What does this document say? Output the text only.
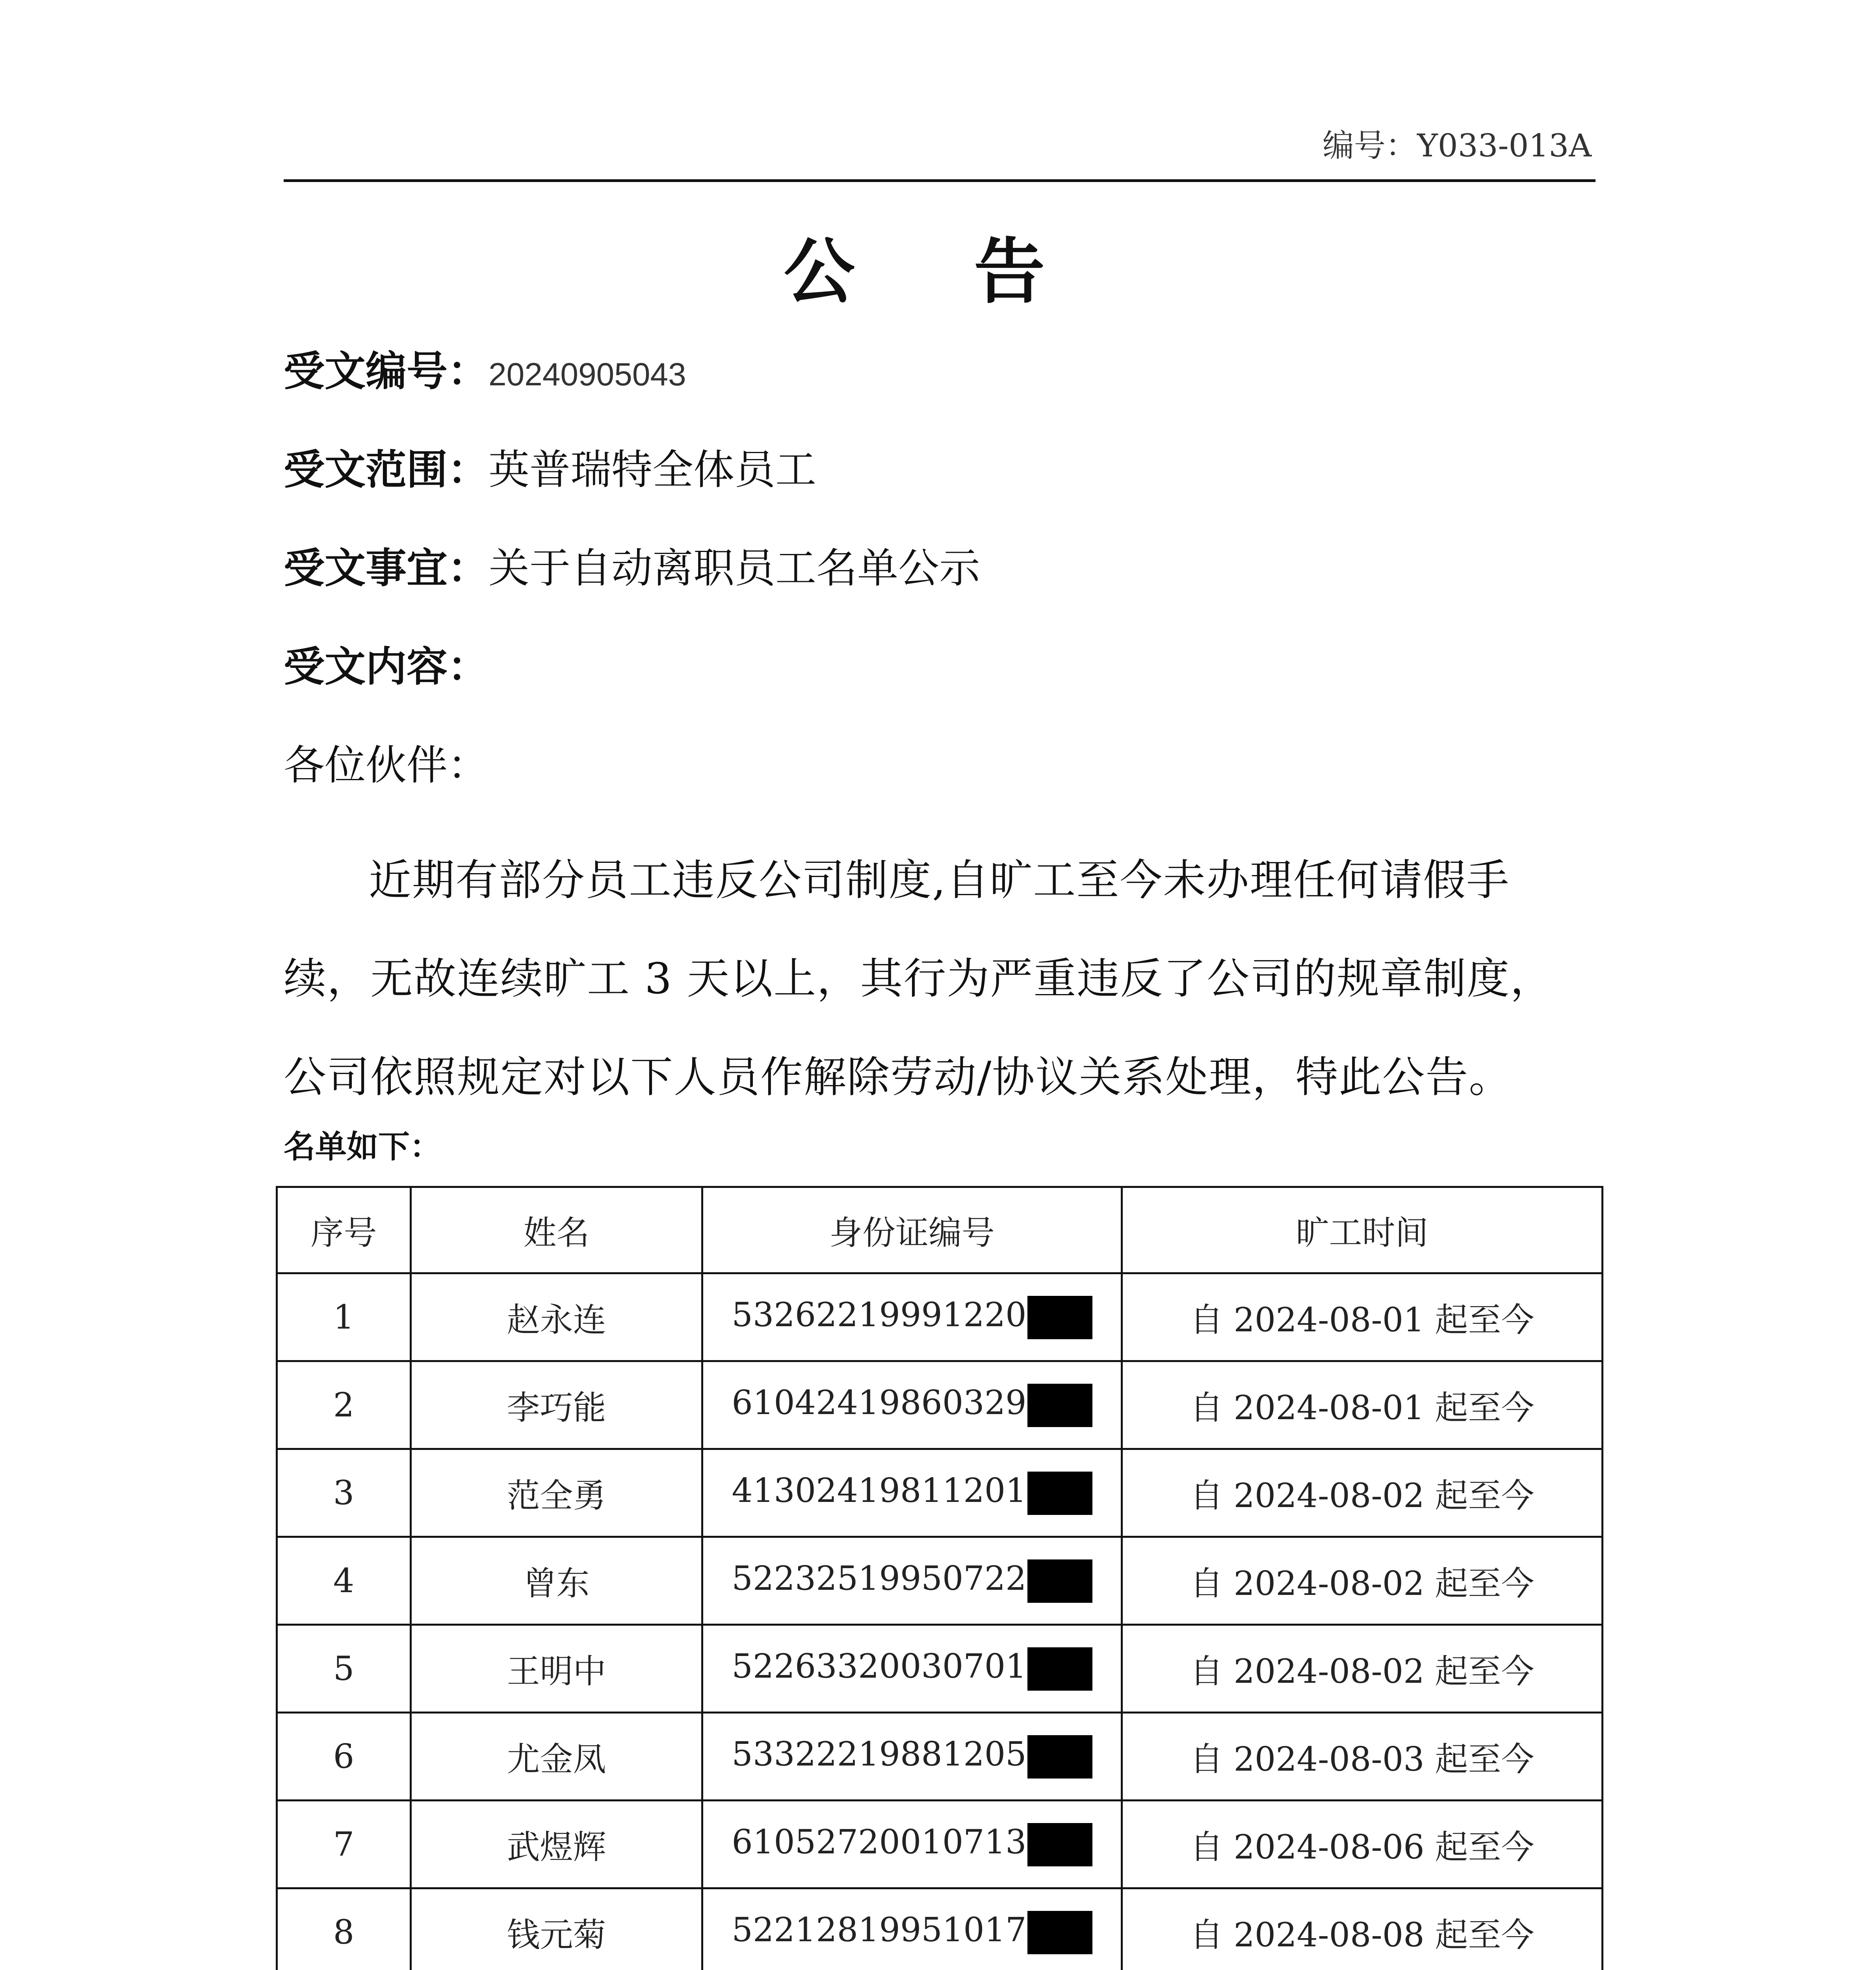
编号：Y033-013A
公 告
受文编号：20240905043
受文范围：英普瑞特全体员工
受文事宜：关于自动离职员工名单公示
受文内容：
各位伙伴：
近期有部分员工违反公司制度,自旷工至今未办理任何请假手续，无故连续旷工 3 天以上，其行为严重违反了公司的规章制度，公司依照规定对以下人员作解除劳动/协议关系处理，特此公告。
名单如下：
序号	姓名	身份证编号	旷工时间
1	赵永连	53262219991220	自 2024-08-01 起至今
2	李巧能	61042419860329	自 2024-08-01 起至今
3	范全勇	41302419811201	自 2024-08-02 起至今
4	曾东	52232519950722	自 2024-08-02 起至今
5	王明中	52263320030701	自 2024-08-02 起至今
6	尤金凤	53322219881205	自 2024-08-03 起至今
7	武煜辉	61052720010713	自 2024-08-06 起至今
8	钱元菊	52212819951017	自 2024-08-08 起至今
